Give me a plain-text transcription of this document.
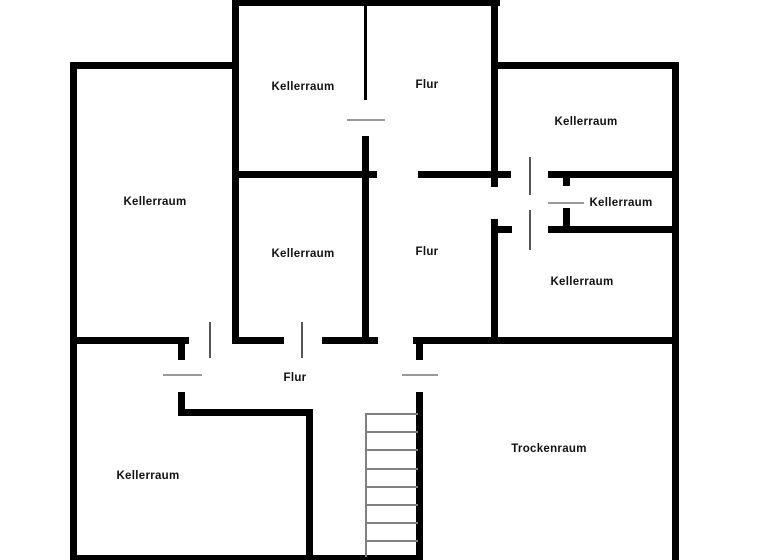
Kellerraum	Flur
Kellerraum
Kellerraum
Kellerraum	Flur
Kellerraum
Kellerraum
Flur
Kellerraum
Trockenraum
